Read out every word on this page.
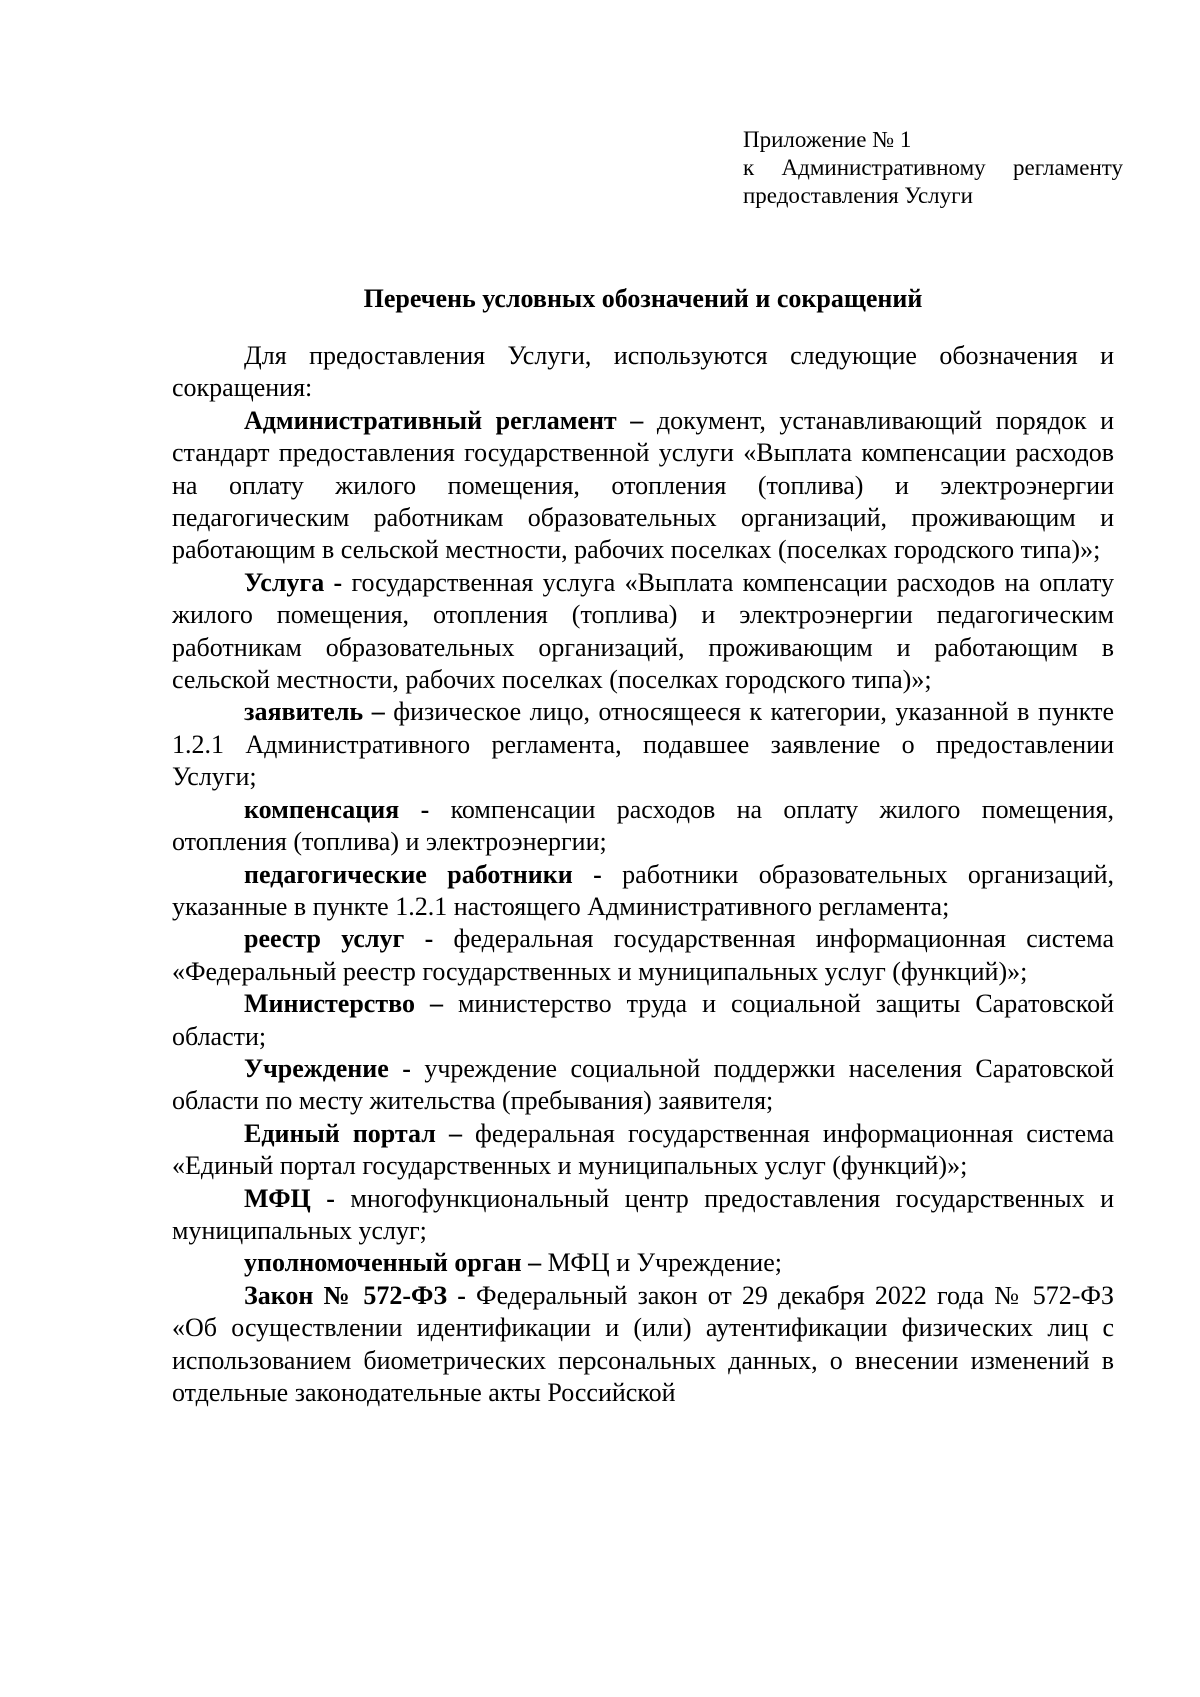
Приложение № 1
к Административному регламенту
предоставления Услуги
Перечень условных обозначений и сокращений

Для предоставления Услуги, используются следующие обозначения и сокращения:

Административный регламент – документ, устанавливающий порядок и стандарт предоставления государственной услуги «Выплата компенсации расходов на оплату жилого помещения, отопления (топлива) и электроэнергии педагогическим работникам образовательных организаций, проживающим и работающим в сельской местности, рабочих поселках (поселках городского типа)»;

Услуга - государственная услуга «Выплата компенсации расходов на оплату жилого помещения, отопления (топлива) и электроэнергии педагогическим работникам образовательных организаций, проживающим и работающим в сельской местности, рабочих поселках (поселках городского типа)»;

заявитель – физическое лицо, относящееся к категории, указанной в пункте 1.2.1 Административного регламента, подавшее заявление о предоставлении Услуги;

компенсация - компенсации расходов на оплату жилого помещения, отопления (топлива) и электроэнергии;

педагогические работники - работники образовательных организаций, указанные в пункте 1.2.1 настоящего Административного регламента;

реестр услуг - федеральная государственная информационная система «Федеральный реестр государственных и муниципальных услуг (функций)»;

Министерство – министерство труда и социальной защиты Саратовской области;

Учреждение - учреждение социальной поддержки населения Саратовской области по месту жительства (пребывания) заявителя;

Единый портал – федеральная государственная информационная система «Единый портал государственных и муниципальных услуг (функций)»;

МФЦ - многофункциональный центр предоставления государственных и муниципальных услуг;

уполномоченный орган – МФЦ и Учреждение;

Закон № 572-ФЗ - Федеральный закон от 29 декабря 2022 года № 572-ФЗ «Об осуществлении идентификации и (или) аутентификации физических лиц с использованием биометрических персональных данных, о внесении изменений в отдельные законодательные акты Российской
